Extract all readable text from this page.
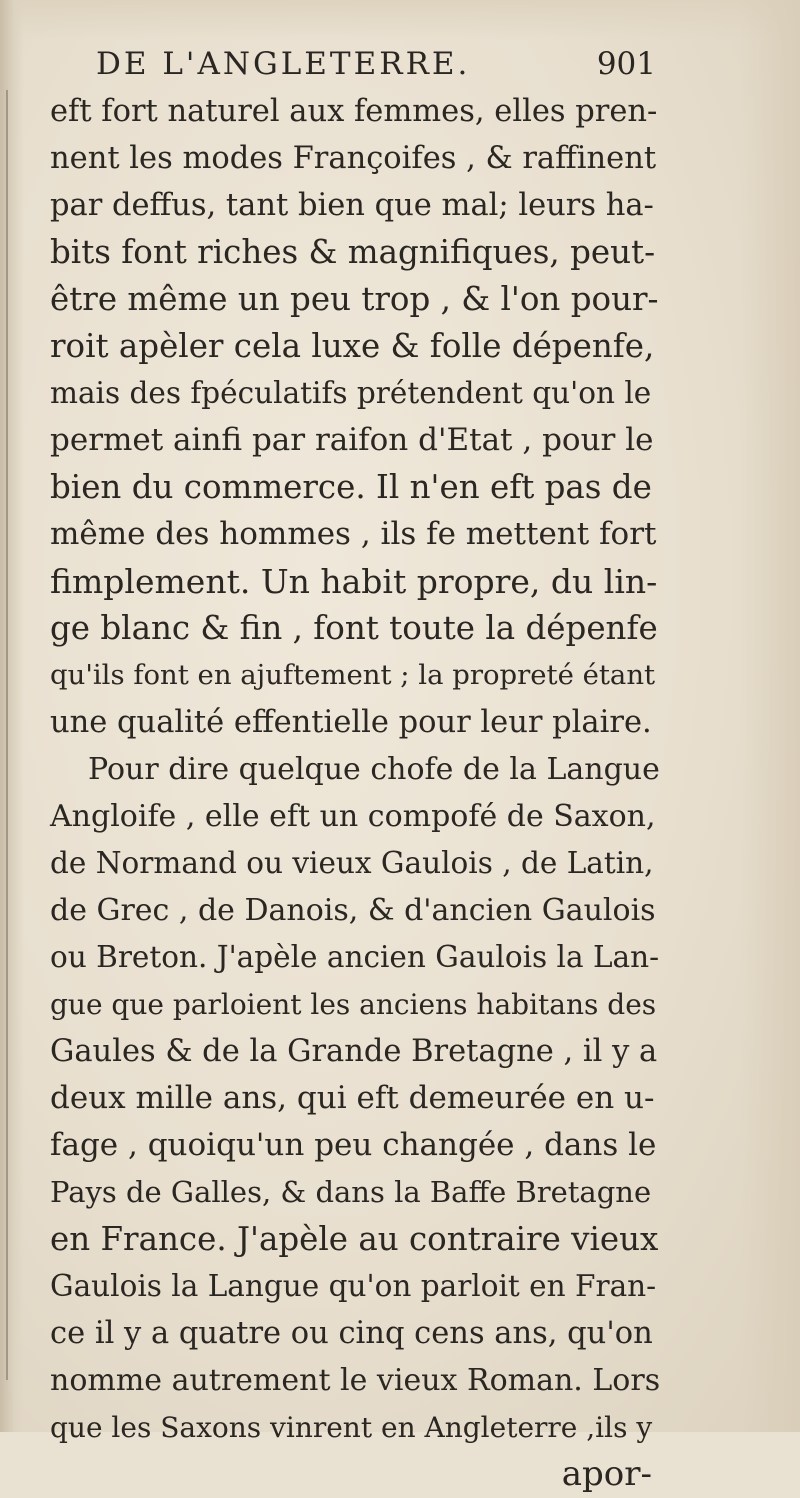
DE L'ANGLETERRE.	901
eft fort naturel aux femmes, elles pren-
nent les modes Françoifes , & raffinent
par deffus, tant bien que mal; leurs ha-
bits font riches & magnifiques, peut-
être même un peu trop , & l'on pour-
roit apèler cela luxe & folle dépenfe,
mais des fpéculatifs prétendent qu'on le
permet ainfi par raifon d'Etat , pour le
bien du commerce. Il n'en eft pas de
même des hommes , ils fe mettent fort
fimplement. Un habit propre, du lin-
ge blanc & fin , font toute la dépenfe
qu'ils font en ajuftement ; la propreté étant
une qualité effentielle pour leur plaire.
Pour dire quelque chofe de la Langue
Angloife , elle eft un compofé de Saxon,
de Normand ou vieux Gaulois , de Latin,
de Grec , de Danois, & d'ancien Gaulois
ou Breton. J'apèle ancien Gaulois la Lan-
gue que parloient les anciens habitans des
Gaules & de la Grande Bretagne , il y a
deux mille ans, qui eft demeurée en u-
fage , quoiqu'un peu changée , dans le
Pays de Galles, & dans la Baffe Bretagne
en France. J'apèle au contraire vieux
Gaulois la Langue qu'on parloit en Fran-
ce il y a quatre ou cinq cens ans, qu'on
nomme autrement le vieux Roman. Lors
que les Saxons vinrent en Angleterre ,ils y
apor-
